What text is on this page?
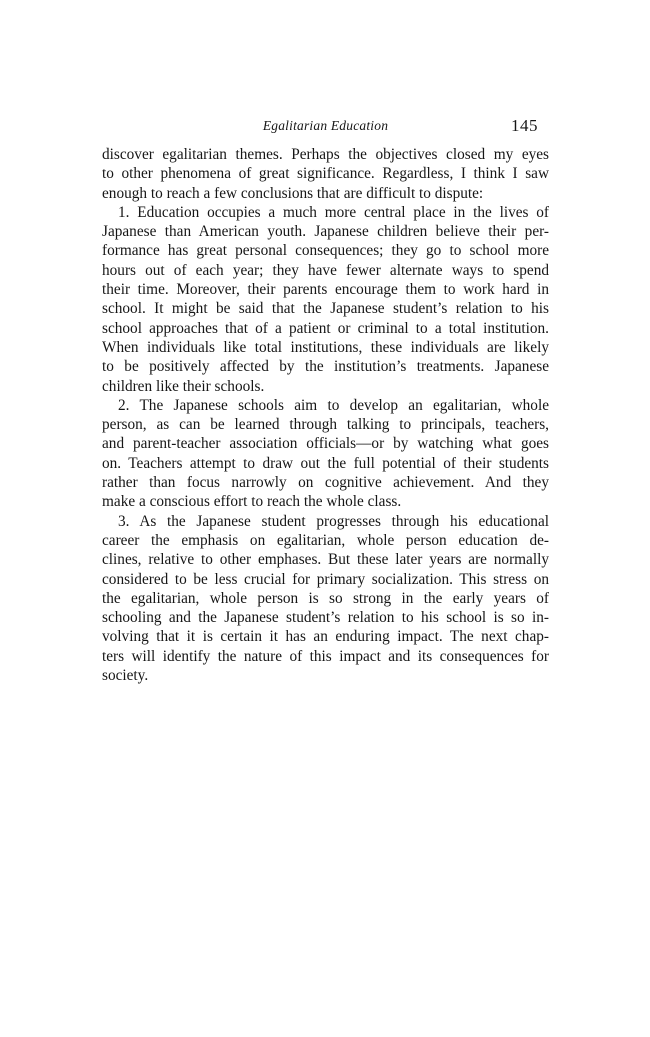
Egalitarian Education	145
discover egalitarian themes. Perhaps the objectives closed my eyes
to other phenomena of great significance. Regardless, I think I saw
enough to reach a few conclusions that are difficult to dispute:
1. Education occupies a much more central place in the lives of
Japanese than American youth. Japanese children believe their per-
formance has great personal consequences; they go to school more
hours out of each year; they have fewer alternate ways to spend
their time. Moreover, their parents encourage them to work hard in
school. It might be said that the Japanese student’s relation to his
school approaches that of a patient or criminal to a total institution.
When individuals like total institutions, these individuals are likely
to be positively affected by the institution’s treatments. Japanese
children like their schools.
2. The Japanese schools aim to develop an egalitarian, whole
person, as can be learned through talking to principals, teachers,
and parent-teacher association officials—or by watching what goes
on. Teachers attempt to draw out the full potential of their students
rather than focus narrowly on cognitive achievement. And they
make a conscious effort to reach the whole class.
3. As the Japanese student progresses through his educational
career the emphasis on egalitarian, whole person education de-
clines, relative to other emphases. But these later years are normally
considered to be less crucial for primary socialization. This stress on
the egalitarian, whole person is so strong in the early years of
schooling and the Japanese student’s relation to his school is so in-
volving that it is certain it has an enduring impact. The next chap-
ters will identify the nature of this impact and its consequences for
society.
